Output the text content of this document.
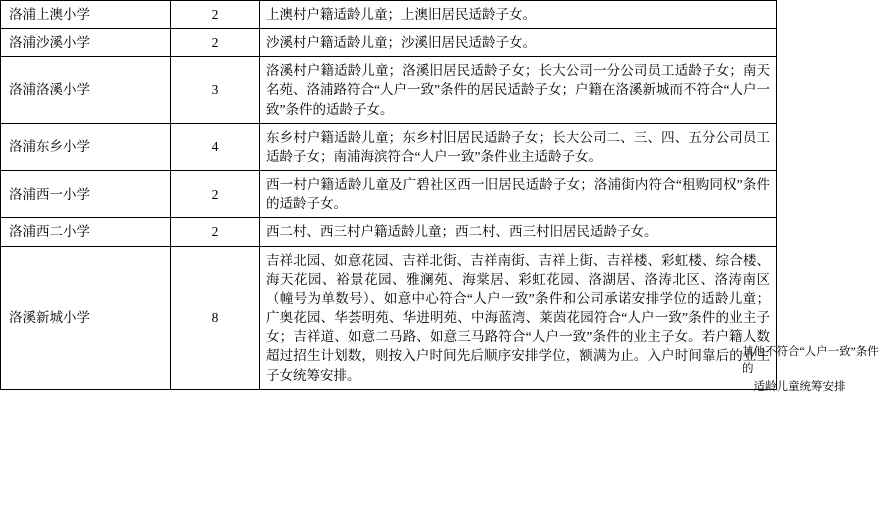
洛浦上澳小学	2	上澳村户籍适龄儿童；上澳旧居民适龄子女。
洛浦沙溪小学	2	沙溪村户籍适龄儿童；沙溪旧居民适龄子女。
洛浦洛溪小学	3	洛溪村户籍适龄儿童；洛溪旧居民适龄子女；长大公司一分公司员工适龄子女；南天名苑、洛浦路符合“人户一致”条件的居民适龄子女；户籍在洛溪新城而不符合“人户一致”条件的适龄子女。
洛浦东乡小学	4	东乡村户籍适龄儿童；东乡村旧居民适龄子女；长大公司二、三、四、五分公司员工适龄子女；南浦海滨符合“人户一致”条件业主适龄子女。
洛浦西一小学	2	西一村户籍适龄儿童及广碧社区西一旧居民适龄子女；洛浦街内符合“租购同权”条件的适龄子女。
洛浦西二小学	2	西二村、西三村户籍适龄儿童；西二村、西三村旧居民适龄子女。
洛溪新城小学	8	吉祥北园、如意花园、吉祥北街、吉祥南街、吉祥上街、吉祥楼、彩虹楼、综合楼、海天花园、裕景花园、雅澜苑、海棠居、彩虹花园、洛湖居、洛涛北区、洛涛南区（幢号为单数号）、如意中心符合“人户一致”条件和公司承诺安排学位的适龄儿童；广奥花园、华荟明苑、华进明苑、中海蓝湾、莱茵花园符合“人户一致”条件的业主子女；吉祥道、如意二马路、如意三马路符合“人户一致”条件的业主子女。若户籍人数超过招生计划数，则按入户时间先后顺序安排学位，额满为止。入户时间靠后的业主子女统筹安排。
其他不符合“人户一致”条件的
适龄儿童统筹安排
